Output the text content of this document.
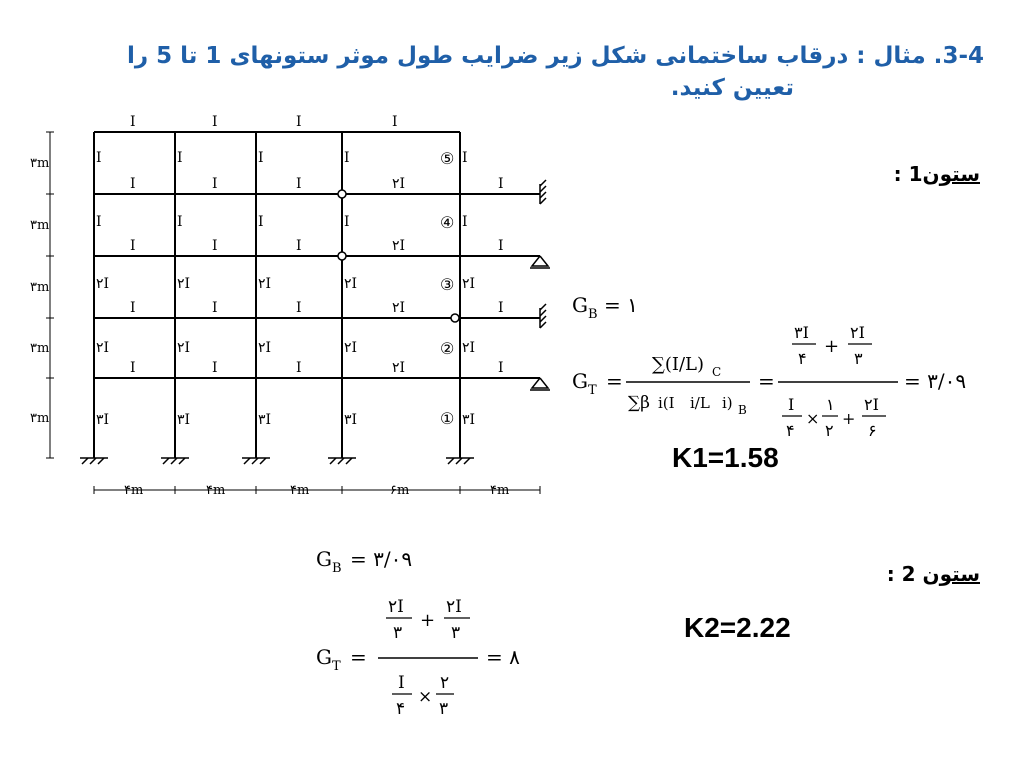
3-4. مثال : درقاب ساختمانی شکل زیر ضرایب طول موثر ستونهای 1 تا 5 را
تعیین کنید.
ستون1 :
ستون 2 :
K1=1.58
K2=2.22
۳m
۳m
۳m
۳m
۳m
۴m	۴m	۴m	۶m	۴m
I	I	I	I
I	I	I	۲I	I
I	I	I	۲I	I
I	I	I	۲I	I
I	I	I	۲I	I
I	I	I	I	I
I	I	I	I	I
۲I	۲I	۲I	۲I	۲I
۲I	۲I	۲I	۲I	۲I
۳I	۳I	۳I	۳I	۳I
①
②
③
④
⑤
G B = ۱
G T =
∑(I/L) C
∑β i(I i/L i) B
=
۳I
۴
+
۲I
۳
I
۴
×
۱
۲
+
۲I
۶
= ۳/۰۹
G B = ۳/۰۹
G T =
۲I
۳
+
۲I
۳
I
۴
×
۲
۳
= ۸
